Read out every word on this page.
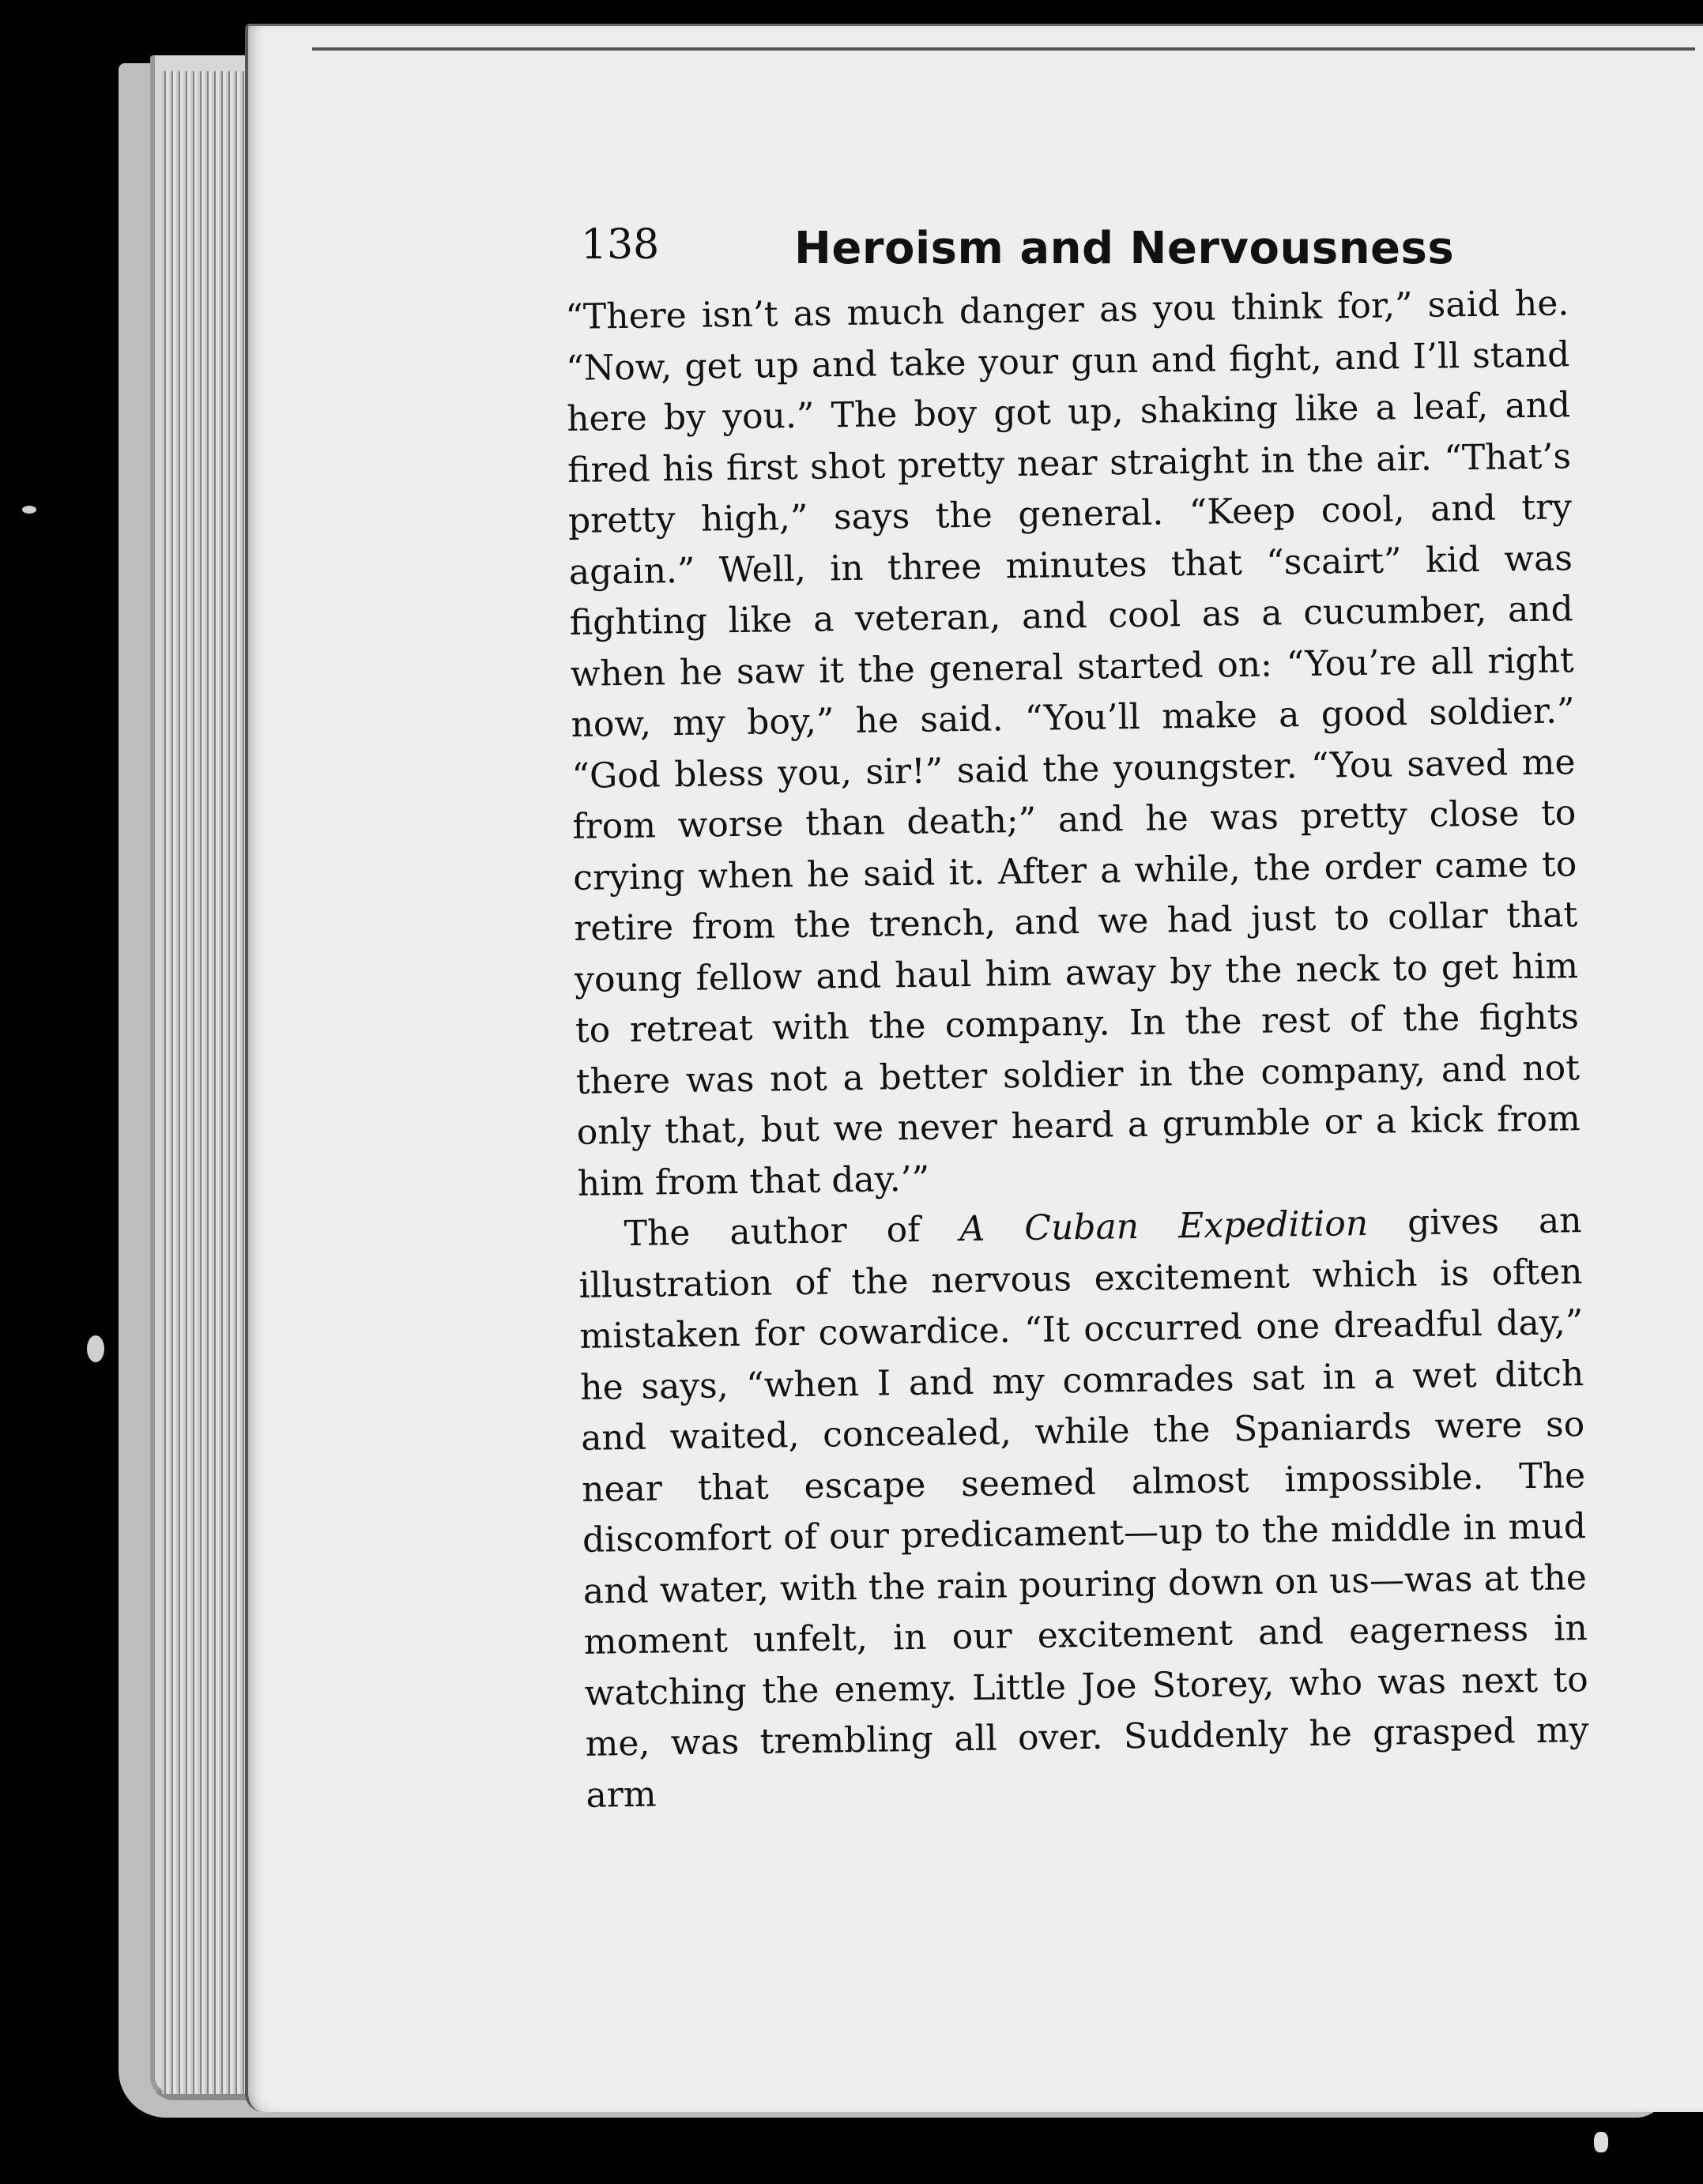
138	Heroism and Nervousness

“There isn’t as much danger as you think for,” said he. “Now, get up and take your gun and fight, and I’ll stand here by you.” The boy got up, shaking like a leaf, and fired his first shot pretty near straight in the air. “That’s pretty high,” says the general. “Keep cool, and try again.” Well, in three minutes that “scairt” kid was fighting like a veteran, and cool as a cucumber, and when he saw it the general started on: “You’re all right now, my boy,” he said. “You’ll make a good soldier.” “God bless you, sir!” said the youngster. “You saved me from worse than death;” and he was pretty close to crying when he said it. After a while, the order came to retire from the trench, and we had just to collar that young fellow and haul him away by the neck to get him to retreat with the company. In the rest of the fights there was not a better soldier in the company, and not only that, but we never heard a grumble or a kick from him from that day.’”

The author of A Cuban Expedition gives an illustration of the nervous excitement which is often mistaken for cowardice. “It occurred one dreadful day,” he says, “when I and my comrades sat in a wet ditch and waited, concealed, while the Spaniards were so near that escape seemed almost impossible. The discomfort of our predicament—up to the middle in mud and water, with the rain pouring down on us—was at the moment unfelt, in our excitement and eagerness in watching the enemy. Little Joe Storey, who was next to me, was trembling all over. Suddenly he grasped my arm
